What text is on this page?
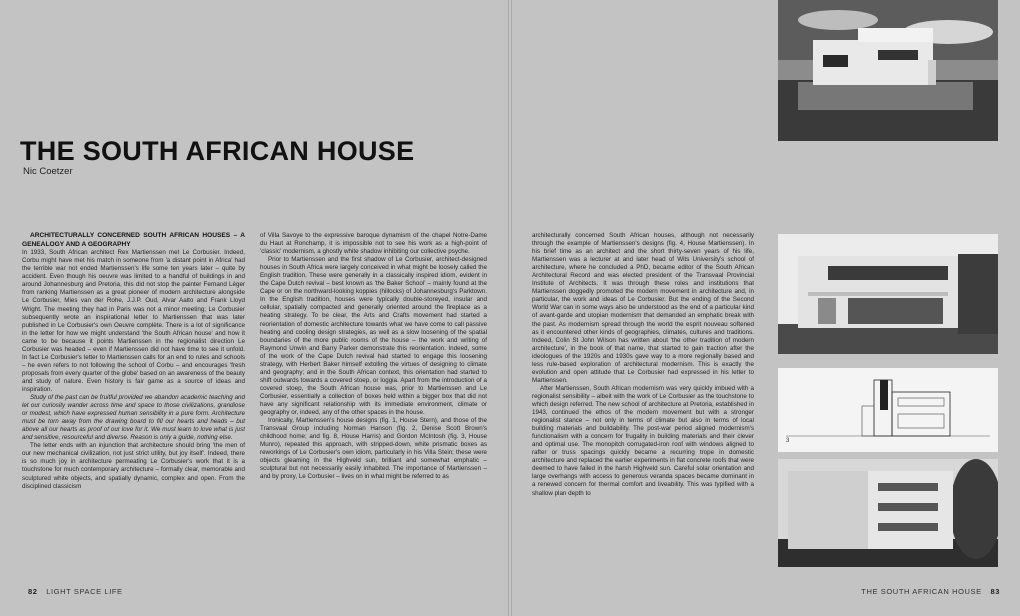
THE SOUTH AFRICAN HOUSE
Nic Coetzer

ARCHITECTURALLY CONCERNED SOUTH AFRICAN HOUSES – A GENEALOGY AND A GEOGRAPHY

In 1933, South African architect Rex Martienssen met Le Corbusier. Indeed, Corbu might have met his match in someone from 'a distant point in Africa' had the terrible war not ended Martienssen's life some ten years later – quite by accident. Even though his oeuvre was limited to a handful of buildings in and around Johannesburg and Pretoria, this did not stop the painter Fernand Léger from ranking Martienssen as a great pioneer of modern architecture alongside Le Corbusier, Mies van der Rohe, J.J.P. Oud, Alvar Aalto and Frank Lloyd Wright. The meeting they had in Paris was not a minor meeting; Le Corbusier subsequently wrote an inspirational letter to Martienssen that was later published in Le Corbusier's own Oeuvre complète. There is a lot of significance in the letter for how we might understand 'the South African house' and how it came to be because it points Martienssen in the regionalist direction Le Corbusier was headed – even if Martienssen did not have time to see it unfold. In fact Le Corbusier's letter to Martienssen calls for an end to rules and schools – he even refers to not following the school of Corbu – and encourages 'fresh proposals from every quarter of the globe' based on an awareness of the beauty and study of nature. Even history is fair game as a source of ideas and inspiration.

Study of the past can be fruitful provided we abandon academic teaching and let our curiosity wander across time and space to those civilizations, grandiose or modest, which have expressed human sensibility in a pure form. Architecture must be torn away from the drawing board to fill our hearts and heads – but above all our hearts as proof of our love for it. We must learn to love what is just and sensitive, resourceful and diverse. Reason is only a guide, nothing else.

The letter ends with an injunction that architecture should bring 'the men of our new mechanical civilization, not just strict utility, but joy itself'. Indeed, there is so much joy in architecture permeating Le Corbusier's work that it is a touchstone for much contemporary architecture – formally clear, memorable and sculptured white objects, and spatially dynamic, complex and open. From the disciplined classicism

of Villa Savoye to the expressive baroque dynamism of the chapel Notre-Dame du Haut at Ronchamp, it is impossible not to see his work as a high-point of 'classic' modernism, a ghostly white shadow inhibiting our collective psyche.

Prior to Martienssen and the first shadow of Le Corbusier, architect-designed houses in South Africa were largely conceived in what might be loosely called the English tradition. These were generally in a classically inspired idiom, evident in the Cape Dutch revival – best known as 'the Baker School' – mainly found at the Cape or on the northward-looking koppies (hillocks) of Johannesburg's Parktown. In the English tradition, houses were typically double-storeyed, insular and cellular, spatially compacted and generally oriented around the fireplace as a heating strategy. To be clear, the Arts and Crafts movement had started a reorientation of domestic architecture towards what we have come to call passive heating and cooling design strategies, as well as a slow loosening of the spatial boundaries of the more public rooms of the house – the work and writing of Raymond Unwin and Barry Parker demonstrate this reorientation. Indeed, some of the work of the Cape Dutch revival had started to engage this loosening strategy, with Herbert Baker himself extolling the virtues of designing to climate and geography; and in the South African context, this orientation had started to shift outwards towards a covered stoep, or loggia. Apart from the introduction of a covered stoep, the South African house was, prior to Martienssen and Le Corbusier, essentially a collection of boxes held within a bigger box that did not have any significant relationship with its immediate environment, climate or geography or, indeed, any of the other spaces in the house.

Ironically, Martienssen's house designs (fig. 1, House Stern), and those of the Transvaal Group including Norman Hanson (fig. 2, Denise Scott Brown's childhood home; and fig. 8, House Harris) and Gordon McIntosh (fig. 3, House Munro), repeated this approach, with stripped-down, white prismatic boxes as reworkings of Le Corbusier's own idiom, particularly in his Villa Stein; these were objects gleaming in the Highveld sun, brilliant and somewhat emphatic – sculptural but not necessarily easily inhabited. The importance of Martienssen – and by proxy, Le Corbusier – lives on in what might be referred to as

82 LIGHT SPACE LIFE

architecturally concerned South African houses, although not necessarily through the example of Martienssen's designs (fig. 4, House Martienssen). In his brief time as an architect and the short thirty-seven years of his life, Martienssen was a lecturer at and later head of Wits University's school of architecture, where he concluded a PhD, became editor of the South African Architectural Record and was elected president of the Transvaal Provincial Institute of Architects. It was through these roles and institutions that Martienssen doggedly promoted the modern movement in architecture and, in particular, the work and ideas of Le Corbusier. But the ending of the Second World War can in some ways also be understood as the end of a particular kind of avant-garde and utopian modernism that demanded an emphatic break with the past. As modernism spread through the world the esprit nouveau softened as it encountered other kinds of geographies, climates, cultures and traditions. Indeed, Colin St John Wilson has written about 'the other tradition of modern architecture', in the book of that name, that started to gain traction after the ideologues of the 1920s and 1930s gave way to a more regionally based and less rule-based exploration of architectural modernism. This is exactly the evolution and open attitude that Le Corbusier had expressed in his letter to Martienssen.

After Martienssen, South African modernism was very quickly imbued with a regionalist sensibility – albeit with the work of Le Corbusier as the touchstone to which design referred. The new school of architecture at Pretoria, established in 1943, continued the ethos of the modern movement but with a stronger regionalist stance – not only in terms of climate but also in terms of local building materials and buildability. The post-war period aligned modernism's functionalism with a concern for frugality in building materials and their clever and optimal use. The monopitch corrugated-iron roof with windows aligned to rafter or truss spacings quickly became a recurring trope in domestic architecture and replaced the earlier experiments in flat concrete roofs that were deemed to have failed in the harsh Highveld sun. Careful solar orientation and large overhangs with access to generous veranda spaces became dominant in a renewed concern for thermal comfort and liveability. This was typified with a shallow plan depth to

3
THE SOUTH AFRICAN HOUSE 83
